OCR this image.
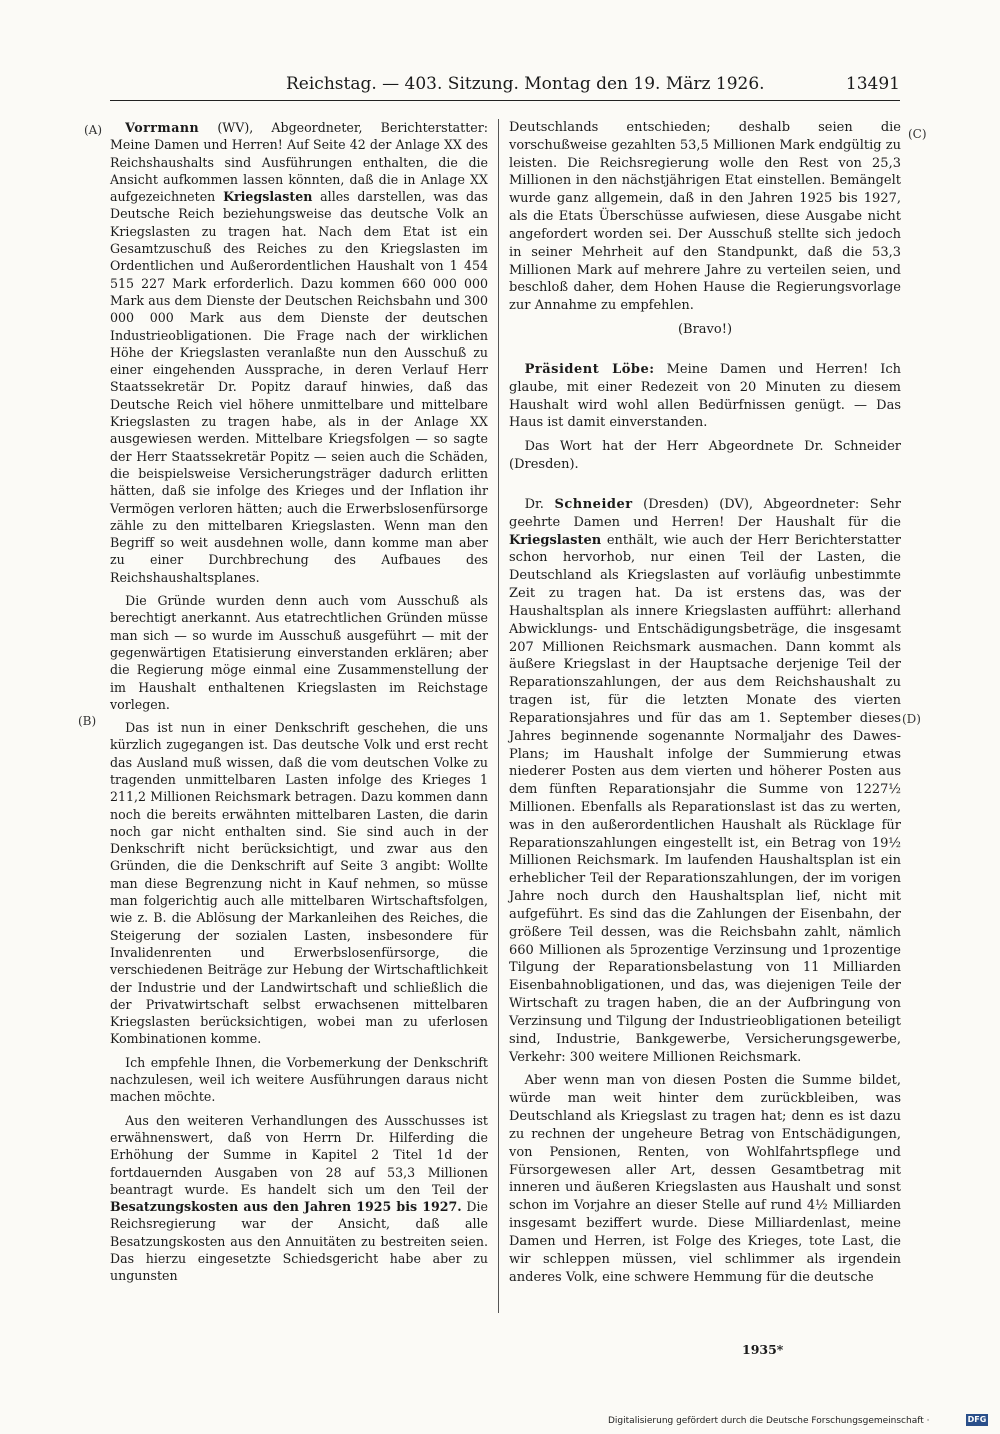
Reichstag. — 403. Sitzung. Montag den 19. März 1926.	13491
(A)
(B)
(C)
(D)

Vorrmann (WV), Abgeordneter, Berichterstatter: Meine Damen und Herren! Auf Seite 42 der Anlage XX des Reichshaushalts sind Ausführungen enthalten, die die Ansicht aufkommen lassen könnten, daß die in Anlage XX aufgezeichneten Kriegslasten alles darstellen, was das Deutsche Reich beziehungsweise das deutsche Volk an Kriegslasten zu tragen hat. Nach dem Etat ist ein Gesamtzuschuß des Reiches zu den Kriegslasten im Ordentlichen und Außerordentlichen Haushalt von 1 454 515 227 Mark erforderlich. Dazu kommen 660 000 000 Mark aus dem Dienste der Deutschen Reichsbahn und 300 000 000 Mark aus dem Dienste der deutschen Industrieobligationen. Die Frage nach der wirklichen Höhe der Kriegslasten veranlaßte nun den Ausschuß zu einer eingehenden Aussprache, in deren Verlauf Herr Staatssekretär Dr. Popitz darauf hinwies, daß das Deutsche Reich viel höhere unmittelbare und mittelbare Kriegslasten zu tragen habe, als in der Anlage XX ausgewiesen werden. Mittelbare Kriegsfolgen — so sagte der Herr Staatssekretär Popitz — seien auch die Schäden, die beispielsweise Versicherungsträger dadurch erlitten hätten, daß sie infolge des Krieges und der Inflation ihr Vermögen verloren hätten; auch die Erwerbslosenfürsorge zähle zu den mittelbaren Kriegslasten. Wenn man den Begriff so weit ausdehnen wolle, dann komme man aber zu einer Durchbrechung des Aufbaues des Reichshaushaltsplanes.

Die Gründe wurden denn auch vom Ausschuß als berechtigt anerkannt. Aus etatrechtlichen Gründen müsse man sich — so wurde im Ausschuß ausgeführt — mit der gegenwärtigen Etatisierung einverstanden erklären; aber die Regierung möge einmal eine Zusammenstellung der im Haushalt enthaltenen Kriegslasten im Reichstage vorlegen.

Das ist nun in einer Denkschrift geschehen, die uns kürzlich zugegangen ist. Das deutsche Volk und erst recht das Ausland muß wissen, daß die vom deutschen Volke zu tragenden unmittelbaren Lasten infolge des Krieges 1 211,2 Millionen Reichsmark betragen. Dazu kommen dann noch die bereits erwähnten mittelbaren Lasten, die darin noch gar nicht enthalten sind. Sie sind auch in der Denkschrift nicht berücksichtigt, und zwar aus den Gründen, die die Denkschrift auf Seite 3 angibt: Wollte man diese Begrenzung nicht in Kauf nehmen, so müsse man folgerichtig auch alle mittelbaren Wirtschaftsfolgen, wie z. B. die Ablösung der Markanleihen des Reiches, die Steigerung der sozialen Lasten, insbesondere für Invalidenrenten und Erwerbslosenfürsorge, die verschiedenen Beiträge zur Hebung der Wirtschaftlichkeit der Industrie und der Landwirtschaft und schließlich die der Privatwirtschaft selbst erwachsenen mittelbaren Kriegslasten berücksichtigen, wobei man zu uferlosen Kombinationen komme.

Ich empfehle Ihnen, die Vorbemerkung der Denkschrift nachzulesen, weil ich weitere Ausführungen daraus nicht machen möchte.

Aus den weiteren Verhandlungen des Ausschusses ist erwähnenswert, daß von Herrn Dr. Hilferding die Erhöhung der Summe in Kapitel 2 Titel 1d der fortdauernden Ausgaben von 28 auf 53,3 Millionen beantragt wurde. Es handelt sich um den Teil der Besatzungskosten aus den Jahren 1925 bis 1927. Die Reichsregierung war der Ansicht, daß alle Besatzungskosten aus den Annuitäten zu bestreiten seien. Das hierzu eingesetzte Schiedsgericht habe aber zu ungunsten

Deutschlands entschieden; deshalb seien die vorschußweise gezahlten 53,5 Millionen Mark endgültig zu leisten. Die Reichsregierung wolle den Rest von 25,3 Millionen in den nächstjährigen Etat einstellen. Bemängelt wurde ganz allgemein, daß in den Jahren 1925 bis 1927, als die Etats Überschüsse aufwiesen, diese Ausgabe nicht angefordert worden sei. Der Ausschuß stellte sich jedoch in seiner Mehrheit auf den Standpunkt, daß die 53,3 Millionen Mark auf mehrere Jahre zu verteilen seien, und beschloß daher, dem Hohen Hause die Regierungsvorlage zur Annahme zu empfehlen.

(Bravo!)

Präsident Löbe: Meine Damen und Herren! Ich glaube, mit einer Redezeit von 20 Minuten zu diesem Haushalt wird wohl allen Bedürfnissen genügt. — Das Haus ist damit einverstanden.

Das Wort hat der Herr Abgeordnete Dr. Schneider (Dresden).

Dr. Schneider (Dresden) (DV), Abgeordneter: Sehr geehrte Damen und Herren! Der Haushalt für die Kriegslasten enthält, wie auch der Herr Berichterstatter schon hervorhob, nur einen Teil der Lasten, die Deutschland als Kriegslasten auf vorläufig unbestimmte Zeit zu tragen hat. Da ist erstens das, was der Haushaltsplan als innere Kriegslasten aufführt: allerhand Abwicklungs- und Entschädigungsbeträge, die insgesamt 207 Millionen Reichsmark ausmachen. Dann kommt als äußere Kriegslast in der Hauptsache derjenige Teil der Reparationszahlungen, der aus dem Reichshaushalt zu tragen ist, für die letzten Monate des vierten Reparationsjahres und für das am 1. September dieses Jahres beginnende sogenannte Normaljahr des Dawes-Plans; im Haushalt infolge der Summierung etwas niederer Posten aus dem vierten und höherer Posten aus dem fünften Reparationsjahr die Summe von 1227½ Millionen. Ebenfalls als Reparationslast ist das zu werten, was in den außerordentlichen Haushalt als Rücklage für Reparationszahlungen eingestellt ist, ein Betrag von 19½ Millionen Reichsmark. Im laufenden Haushaltsplan ist ein erheblicher Teil der Reparationszahlungen, der im vorigen Jahre noch durch den Haushaltsplan lief, nicht mit aufgeführt. Es sind das die Zahlungen der Eisenbahn, der größere Teil dessen, was die Reichsbahn zahlt, nämlich 660 Millionen als 5prozentige Verzinsung und 1prozentige Tilgung der Reparationsbelastung von 11 Milliarden Eisenbahnobligationen, und das, was diejenigen Teile der Wirtschaft zu tragen haben, die an der Aufbringung von Verzinsung und Tilgung der Industrieobligationen beteiligt sind, Industrie, Bankgewerbe, Versicherungsgewerbe, Verkehr: 300 weitere Millionen Reichsmark.

Aber wenn man von diesen Posten die Summe bildet, würde man weit hinter dem zurückbleiben, was Deutschland als Kriegslast zu tragen hat; denn es ist dazu zu rechnen der ungeheure Betrag von Entschädigungen, von Pensionen, Renten, von Wohlfahrtspflege und Fürsorgewesen aller Art, dessen Gesamtbetrag mit inneren und äußeren Kriegslasten aus Haushalt und sonst schon im Vorjahre an dieser Stelle auf rund 4½ Milliarden insgesamt beziffert wurde. Diese Milliardenlast, meine Damen und Herren, ist Folge des Krieges, tote Last, die wir schleppen müssen, viel schlimmer als irgendein anderes Volk, eine schwere Hemmung für die deutsche

1935*
Digitalisierung gefördert durch die Deutsche Forschungsgemeinschaft ·	DFG
